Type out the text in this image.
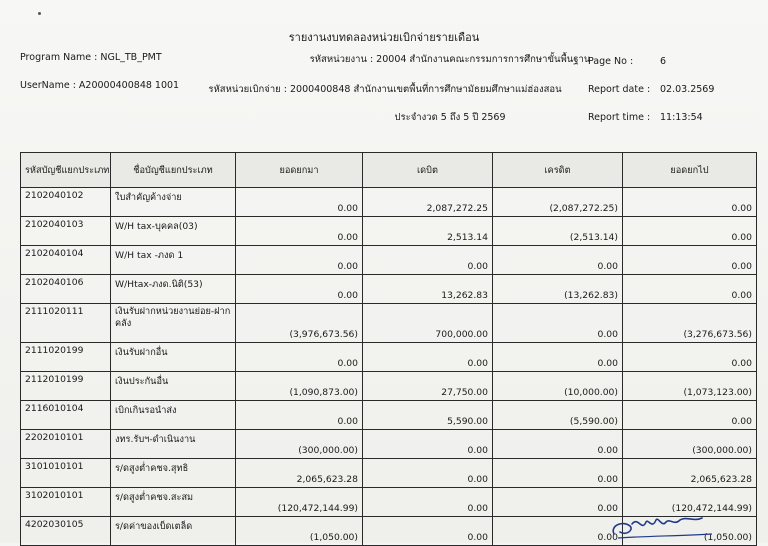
รายงานงบทดลองหน่วยเบิกจ่ายรายเดือน
Program Name : NGL_TB_PMT	รหัสหน่วยงาน : 20004 สำนักงานคณะกรรมการการศึกษาขั้นพื้นฐาน
Page No :	6
UserName : A20000400848 1001	รหัสหน่วยเบิกจ่าย : 2000400848 สำนักงานเขตพื้นที่การศึกษามัธยมศึกษาแม่ฮ่องสอน	Report date : 02.03.2569
ประจำงวด 5 ถึง 5 ปี 2569	Report time : 11:13:54
รหัสบัญชีแยกประเภท	ชื่อบัญชีแยกประเภท	ยอดยกมา	เดบิต	เครดิต	ยอดยกไป
2102040102	ใบสำคัญค้างจ่าย	0.00	2,087,272.25	(2,087,272.25)	0.00
2102040103	W/H tax-บุคคล(03)	0.00	2,513.14	(2,513.14)	0.00
2102040104	W/H tax -ภงด 1	0.00	0.00	0.00	0.00
2102040106	W/Htax-ภงด.นิติ(53)	0.00	13,262.83	(13,262.83)	0.00
2111020111	เงินรับฝากหน่วยงานย่อย-ฝากคลัง	(3,976,673.56)	700,000.00	0.00	(3,276,673.56)
2111020199	เงินรับฝากอื่น	0.00	0.00	0.00	0.00
2112010199	เงินประกันอื่น	(1,090,873.00)	27,750.00	(10,000.00)	(1,073,123.00)
2116010104	เบิกเกินรอนำส่ง	0.00	5,590.00	(5,590.00)	0.00
2202010101	งทร.รับฯ-ดำเนินงาน	(300,000.00)	0.00	0.00	(300,000.00)
3101010101	ร/ดสูงต่ำคชจ.สุทธิ	2,065,623.28	0.00	0.00	2,065,623.28
3102010101	ร/ดสูงต่ำคชจ.สะสม	(120,472,144.99)	0.00	0.00	(120,472,144.99)
4202030105	ร/ดค่าของเบ็ดเตล็ด	(1,050.00)	0.00	0.00	(1,050.00)
